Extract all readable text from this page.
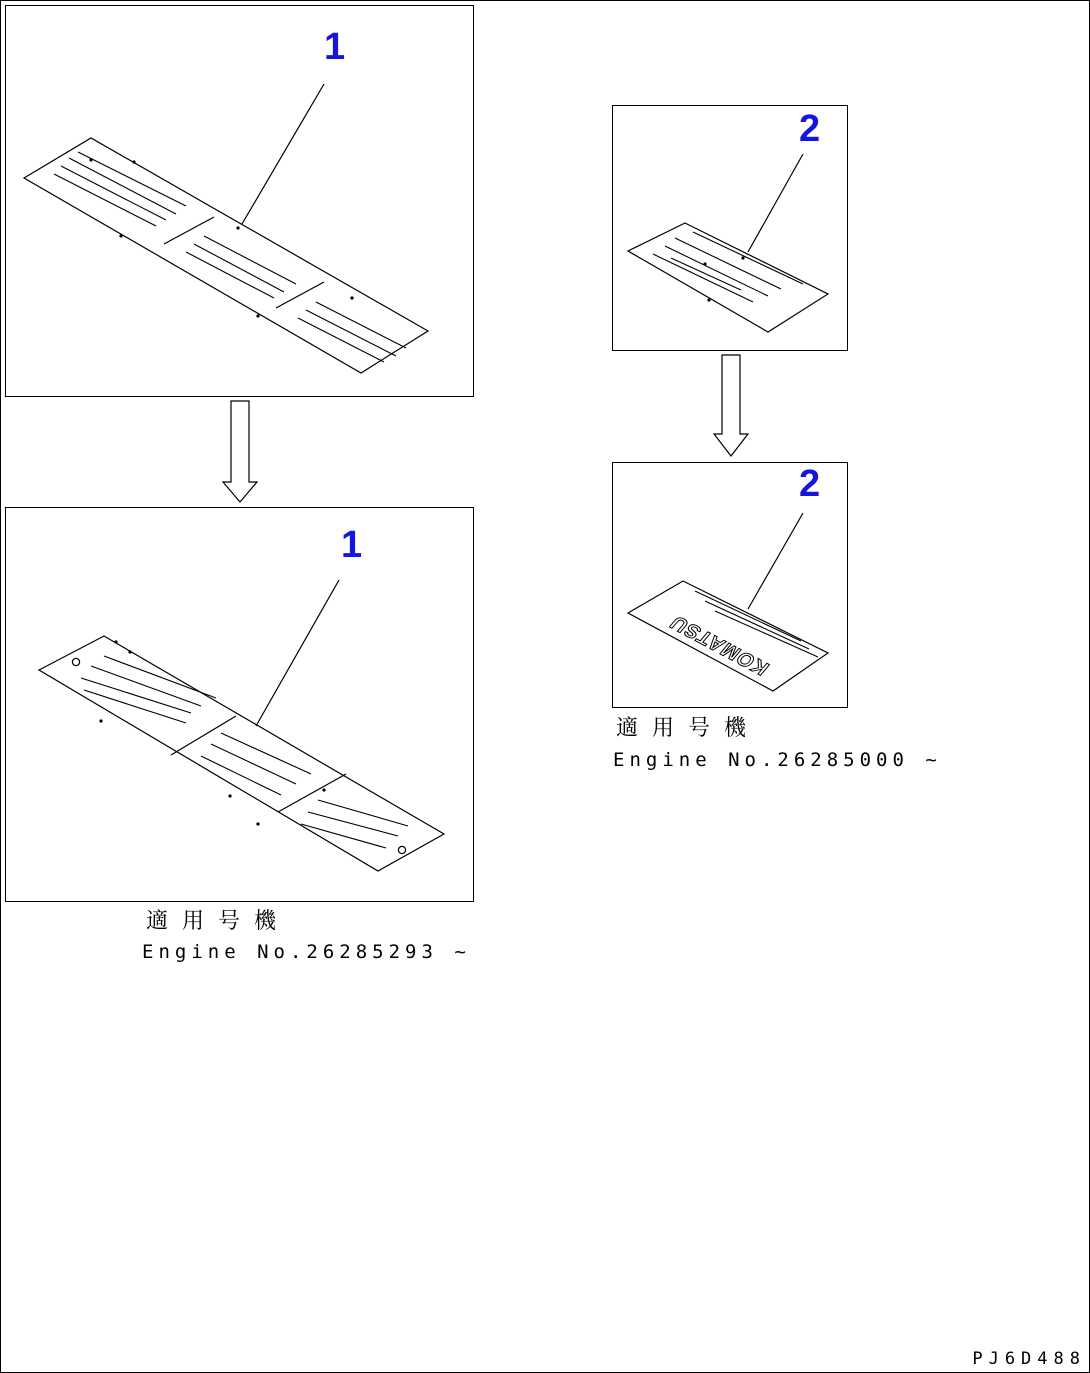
1
1
適用号機
Engine No.26285293 ~
2
KOMATSU
2
適用号機
Engine No.26285000 ~
PJ6D488
